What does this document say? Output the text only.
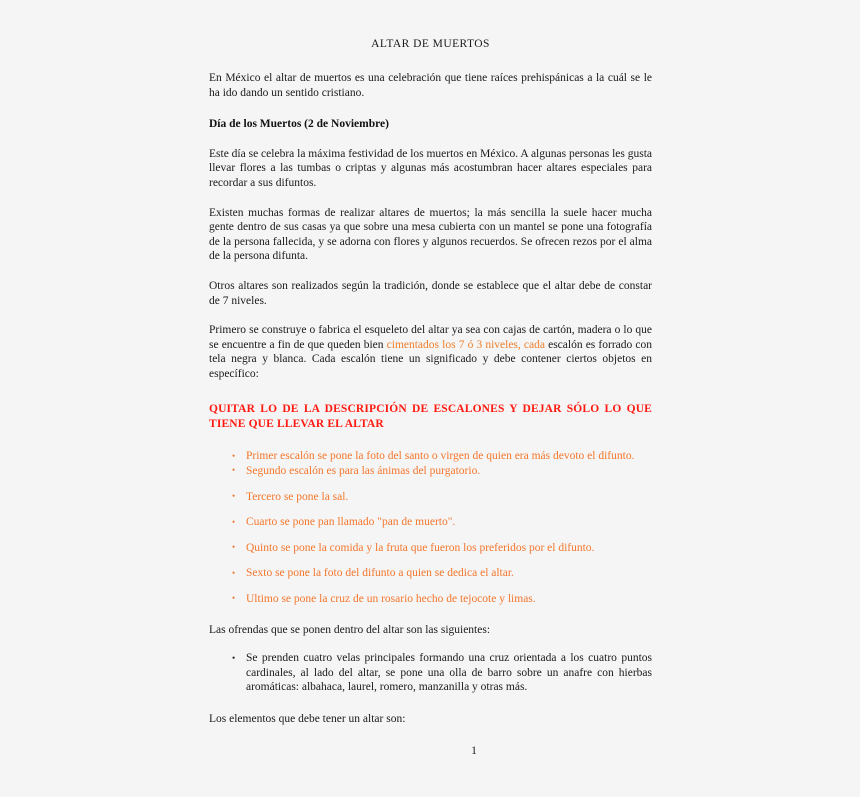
ALTAR DE MUERTOS

En México el altar de muertos es una celebración que tiene raíces prehispánicas a la cuál se le ha ido dando un sentido cristiano.

Día de los Muertos (2 de Noviembre)

Este día se celebra la máxima festividad de los muertos en México. A algunas personas les gusta llevar flores a las tumbas o criptas y algunas más acostumbran hacer altares especiales para recordar a sus difuntos.

Existen muchas formas de realizar altares de muertos; la más sencilla la suele hacer mucha gente dentro de sus casas ya que sobre una mesa cubierta con un mantel se pone una fotografía de la persona fallecida, y se adorna con flores y algunos recuerdos. Se ofrecen rezos por el alma de la persona difunta.

Otros altares son realizados según la tradición, donde se establece que el altar debe de constar de 7 niveles.

Primero se construye o fabrica el esqueleto del altar ya sea con cajas de cartón, madera o lo que se encuentre a fin de que queden bien cimentados los 7 ó 3 niveles, cada escalón es forrado con tela negra y blanca. Cada escalón tiene un significado y debe contener ciertos objetos en específico:

QUITAR LO DE LA DESCRIPCIÓN DE ESCALONES Y DEJAR SÓLO LO QUE TIENE QUE LLEVAR EL ALTAR

• Primer escalón se pone la foto del santo o virgen de quien era más devoto el difunto.
• Segundo escalón es para las ánimas del purgatorio.
• Tercero se pone la sal.
• Cuarto se pone pan llamado "pan de muerto".
• Quinto se pone la comida y la fruta que fueron los preferidos por el difunto.
• Sexto se pone la foto del difunto a quien se dedica el altar.
• Ultimo se pone la cruz de un rosario hecho de tejocote y limas.

Las ofrendas que se ponen dentro del altar son las siguientes:

• Se prenden cuatro velas principales formando una cruz orientada a los cuatro puntos cardinales, al lado del altar, se pone una olla de barro sobre un anafre con hierbas aromáticas: albahaca, laurel, romero, manzanilla y otras más.

Los elementos que debe tener un altar son:

1
